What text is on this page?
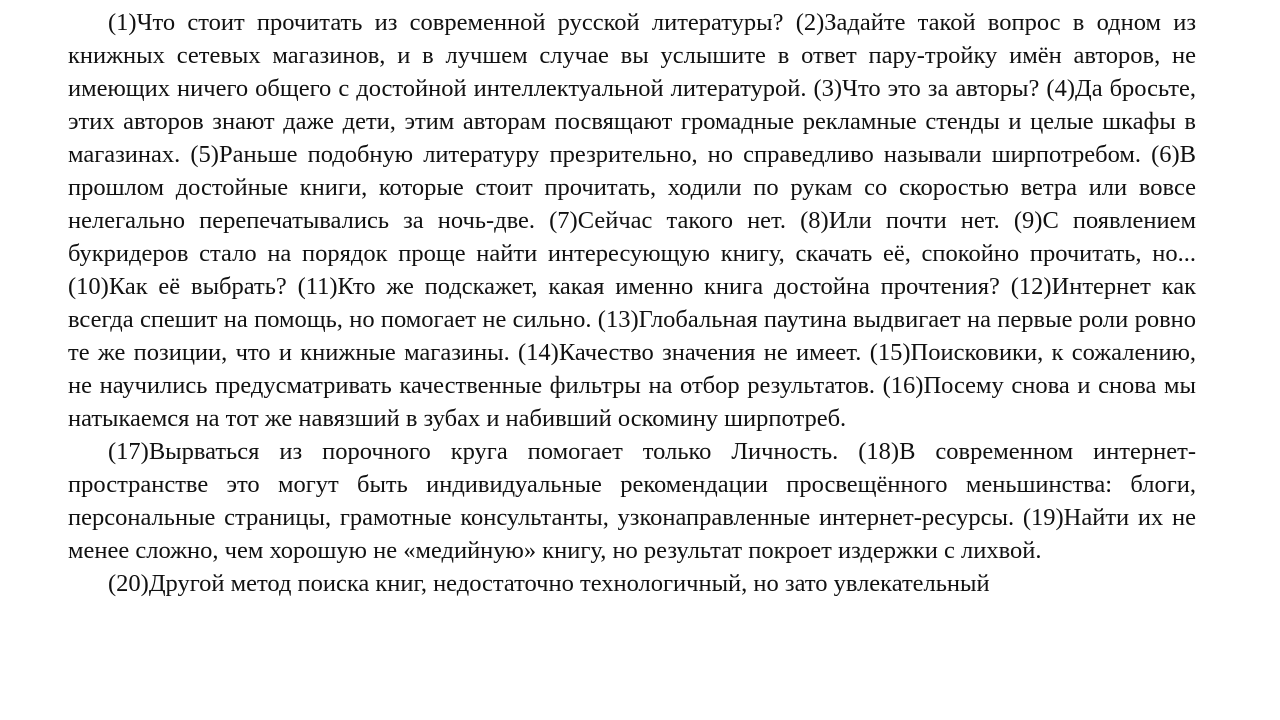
(1)Что стоит прочитать из современной русской литературы? (2)Задайте такой вопрос в одном из книжных сетевых магазинов, и в лучшем случае вы услышите в ответ пару-тройку имён авторов, не имеющих ничего общего с достойной интеллектуальной литературой. (3)Что это за авторы? (4)Да бросьте, этих авторов знают даже дети, этим авторам посвящают громадные рекламные стенды и целые шкафы в магазинах. (5)Раньше подобную литературу презрительно, но справедливо называли ширпотребом. (6)В прошлом достойные книги, которые стоит прочитать, ходили по рукам со скоростью ветра или вовсе нелегально перепечатывались за ночь-две. (7)Сейчас такого нет. (8)Или почти нет. (9)С появлением букридеров стало на порядок проще найти интересующую книгу, скачать её, спокойно прочитать, но... (10)Как её выбрать? (11)Кто же подскажет, какая именно книга достойна прочтения? (12)Интернет как всегда спешит на помощь, но помогает не сильно. (13)Глобальная паутина выдвигает на первые роли ровно те же позиции, что и книжные магазины. (14)Качество значения не имеет. (15)Поисковики, к сожалению, не научились предусматривать качественные фильтры на отбор результатов. (16)Посему снова и снова мы натыкаемся на тот же навязший в зубах и набивший оскомину ширпотреб.

(17)Вырваться из порочного круга помогает только Личность. (18)В современном интернет-пространстве это могут быть индивидуальные рекомендации просвещённого меньшинства: блоги, персональные страницы, грамотные консультанты, узконаправленные интернет-ресурсы. (19)Найти их не менее сложно, чем хорошую не «медийную» книгу, но результат покроет издержки с лихвой.

(20)Другой метод поиска книг, недостаточно технологичный, но зато увлекательный
